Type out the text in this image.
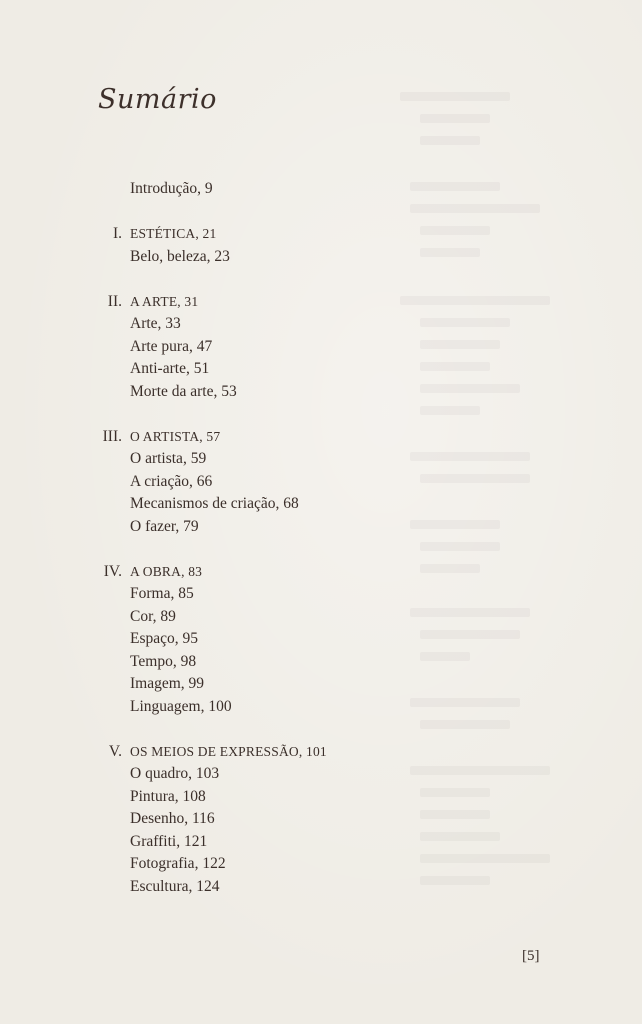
Sumário
Introdução, 9
I. ESTÉTICA, 21
Belo, beleza, 23
II. A ARTE, 31
Arte, 33
Arte pura, 47
Anti-arte, 51
Morte da arte, 53
III. O ARTISTA, 57
O artista, 59
A criação, 66
Mecanismos de criação, 68
O fazer, 79
IV. A OBRA, 83
Forma, 85
Cor, 89
Espaço, 95
Tempo, 98
Imagem, 99
Linguagem, 100
V. OS MEIOS DE EXPRESSÃO, 101
O quadro, 103
Pintura, 108
Desenho, 116
Graffiti, 121
Fotografia, 122
Escultura, 124
[5]
